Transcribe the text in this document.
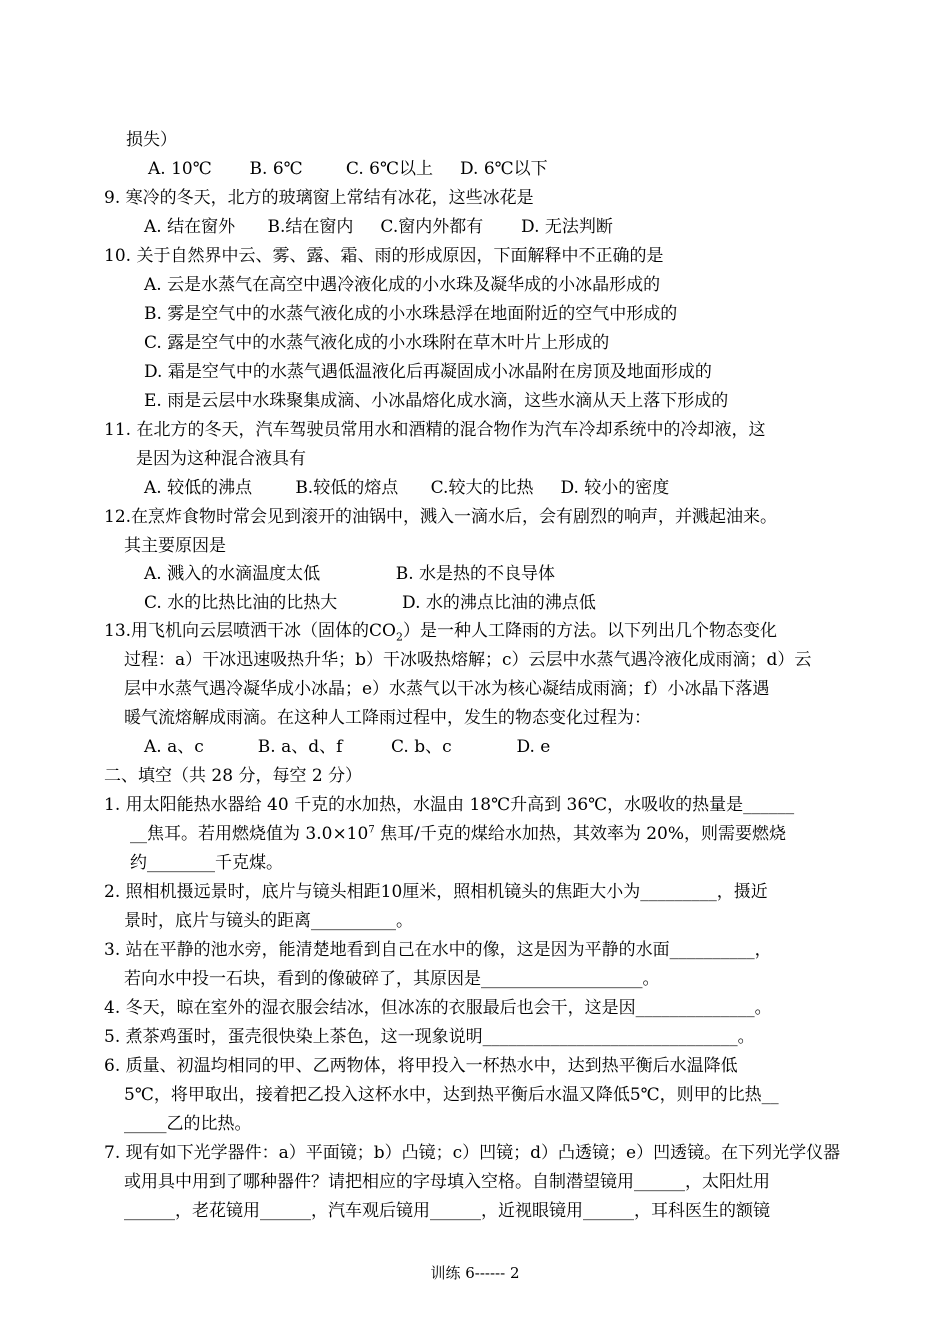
损失）
A. 10℃       B. 6℃        C. 6℃以上     D. 6℃以下
9. 寒冷的冬天，北方的玻璃窗上常结有冰花，这些冰花是
A. 结在窗外      B.结在窗内     C.窗内外都有       D. 无法判断
10. 关于自然界中云、雾、露、霜、雨的形成原因，下面解释中不正确的是
A. 云是水蒸气在高空中遇冷液化成的小水珠及凝华成的小冰晶形成的
B. 雾是空气中的水蒸气液化成的小水珠悬浮在地面附近的空气中形成的
C. 露是空气中的水蒸气液化成的小水珠附在草木叶片上形成的
D. 霜是空气中的水蒸气遇低温液化后再凝固成小冰晶附在房顶及地面形成的
E. 雨是云层中水珠聚集成滴、小冰晶熔化成水滴，这些水滴从天上落下形成的
11. 在北方的冬天，汽车驾驶员常用水和酒精的混合物作为汽车冷却系统中的冷却液，这
是因为这种混合液具有
A. 较低的沸点        B.较低的熔点      C.较大的比热     D. 较小的密度
12.在烹炸食物时常会见到滚开的油锅中，溅入一滴水后，会有剧烈的响声，并溅起油来。
其主要原因是
A. 溅入的水滴温度太低              B. 水是热的不良导体
C. 水的比热比油的比热大            D. 水的沸点比油的沸点低
13.用飞机向云层喷洒干冰（固体的$CO_2$）是一种人工降雨的方法。以下列出几个物态变化
过程：a）干冰迅速吸热升华；b）干冰吸热熔解；c）云层中水蒸气遇冷液化成雨滴；d）云
层中水蒸气遇冷凝华成小冰晶；e）水蒸气以干冰为核心凝结成雨滴；f）小冰晶下落遇
暖气流熔解成雨滴。在这种人工降雨过程中，发生的物态变化过程为：
A. a、c          B. a、d、f         C. b、c            D. e
二、填空（共 28 分，每空 2 分）
1. 用太阳能热水器给 40 千克的水加热，水温由 18℃升高到 36℃，水吸收的热量是______
__焦耳。若用燃烧值为 $3.0\times 10^7$ 焦耳/千克的煤给水加热，其效率为 20%，则需要燃烧
约________千克煤。
2. 照相机摄远景时，底片与镜头相距10厘米，照相机镜头的焦距大小为_________，摄近
景时，底片与镜头的距离__________。
3. 站在平静的池水旁，能清楚地看到自己在水中的像，这是因为平静的水面__________，
若向水中投一石块，看到的像破碎了，其原因是___________________。
4. 冬天，晾在室外的湿衣服会结冰，但冰冻的衣服最后也会干，这是因______________。
5. 煮茶鸡蛋时，蛋壳很快染上茶色，这一现象说明______________________________。
6. 质量、初温均相同的甲、乙两物体，将甲投入一杯热水中，达到热平衡后水温降低
5℃，将甲取出，接着把乙投入这杯水中，达到热平衡后水温又降低5℃，则甲的比热__
_____乙的比热。
7. 现有如下光学器件：a）平面镜；b）凸镜；c）凹镜；d）凸透镜；e）凹透镜。在下列光学仪器
或用具中用到了哪种器件？请把相应的字母填入空格。自制潜望镜用______，太阳灶用
______，老花镜用______，汽车观后镜用______，近视眼镜用______，耳科医生的额镜
训练 6------ 2
